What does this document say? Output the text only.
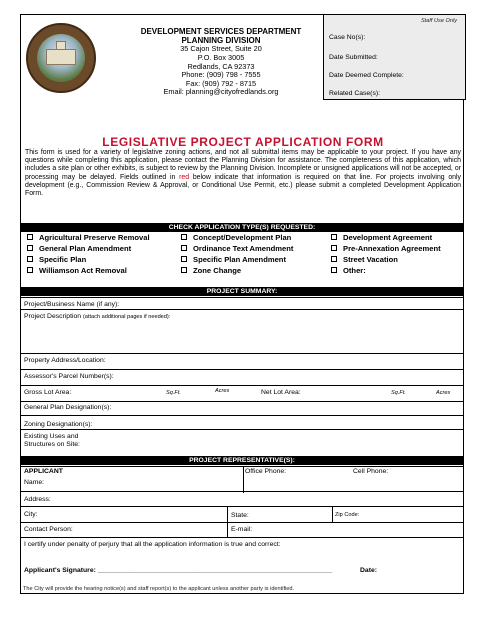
DEVELOPMENT SERVICES DEPARTMENT
PLANNING DIVISION
35 Cajon Street, Suite 20
P.O. Box 3005
Redlands, CA 92373
Phone: (909) 798 - 7555
Fax: (909) 792 - 8715
Email: planning@cityofredlands.org
Staff Use Only
Case No(s):
Date Submitted:
Date Deemed Complete:
Related Case(s):
LEGISLATIVE PROJECT APPLICATION FORM
This form is used for a variety of legislative zoning actions, and not all submittal items may be applicable to your project. If you have any questions while completing this application, please contact the Planning Division for assistance. The completeness of this application, which includes a site plan or other exhibits, is subject to review by the Planning Division. Incomplete or unsigned applications will not be accepted, or processing may be delayed. Fields outlined in red below indicate that information is required on that line. For projects involving only development (e.g., Commission Review & Approval, or Conditional Use Permit, etc.) please submit a completed Development Application Form.
CHECK APPLICATION TYPE(S) REQUESTED:
Agricultural Preserve Removal
General Plan Amendment
Specific Plan
Williamson Act Removal
Concept/Development Plan
Ordinance Text Amendment
Specific Plan Amendment
Zone Change
Development Agreement
Pre-Annexation Agreement
Street Vacation
Other:
PROJECT SUMMARY:
Project/Business Name (if any):
Project Description (attach additional pages if needed):
Property Address/Location:
Assessor's Parcel Number(s):
Gross Lot Area:	Sq.Ft.	Acres	Net Lot Area:	Sq.Ft.	Acres
General Plan Designation(s):
Zoning Designation(s):
Existing Uses and
Structures on Site:
PROJECT REPRESENTATIVE(S):
APPLICANT
Name:
Office Phone:	Cell Phone:
Address:
City:	State:	Zip Code:
Contact Person:	E-mail:
I certify under penalty of perjury that all the application information is true and correct:
Applicant's Signature: ______________________________________________________________	Date:
The City will provide the hearing notice(s) and staff report(s) to the applicant unless another party is identified.
